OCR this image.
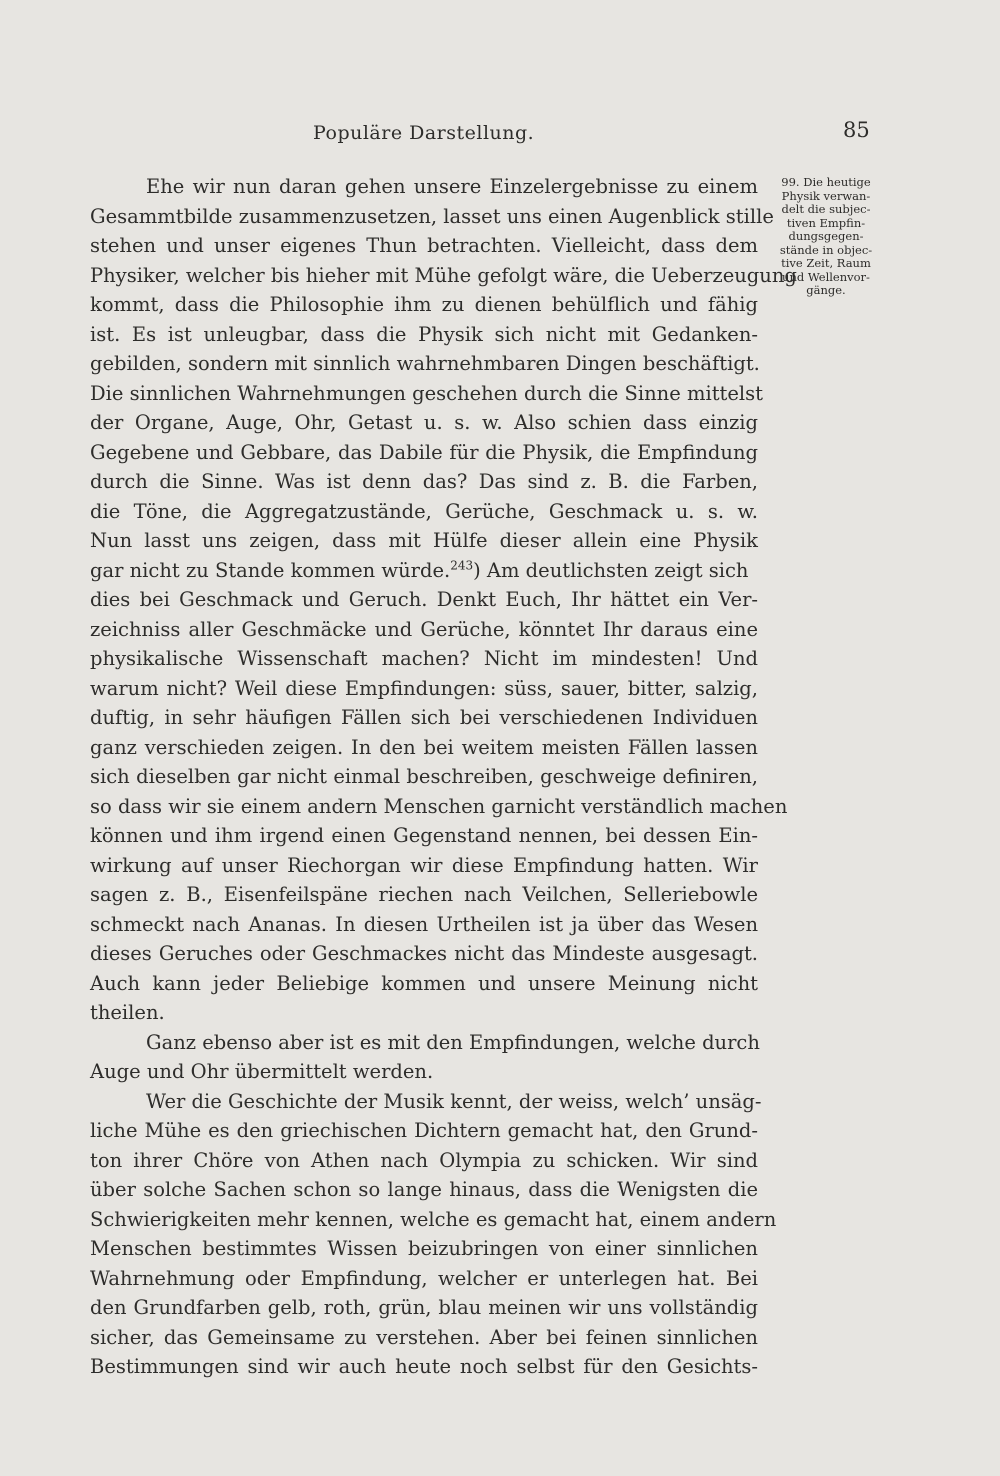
Populäre Darstellung.	85
Ehe wir nun daran gehen unsere Einzelergebnisse zu einem
Gesammtbilde zusammenzusetzen, lasset uns einen Augenblick stille
stehen und unser eigenes Thun betrachten. Vielleicht, dass dem
Physiker, welcher bis hieher mit Mühe gefolgt wäre, die Ueberzeugung
kommt, dass die Philosophie ihm zu dienen behülflich und fähig
ist. Es ist unleugbar, dass die Physik sich nicht mit Gedanken-
gebilden, sondern mit sinnlich wahrnehmbaren Dingen beschäftigt.
Die sinnlichen Wahrnehmungen geschehen durch die Sinne mittelst
der Organe, Auge, Ohr, Getast u. s. w. Also schien dass einzig
Gegebene und Gebbare, das Dabile für die Physik, die Empfindung
durch die Sinne. Was ist denn das? Das sind z. B. die Farben,
die Töne, die Aggregatzustände, Gerüche, Geschmack u. s. w.
Nun lasst uns zeigen, dass mit Hülfe dieser allein eine Physik
gar nicht zu Stande kommen würde.$^{243}$) Am deutlichsten zeigt sich
dies bei Geschmack und Geruch. Denkt Euch, Ihr hättet ein Ver-
zeichniss aller Geschmäcke und Gerüche, könntet Ihr daraus eine
physikalische Wissenschaft machen? Nicht im mindesten! Und
warum nicht? Weil diese Empfindungen: süss, sauer, bitter, salzig,
duftig, in sehr häufigen Fällen sich bei verschiedenen Individuen
ganz verschieden zeigen. In den bei weitem meisten Fällen lassen
sich dieselben gar nicht einmal beschreiben, geschweige definiren,
so dass wir sie einem andern Menschen garnicht verständlich machen
können und ihm irgend einen Gegenstand nennen, bei dessen Ein-
wirkung auf unser Riechorgan wir diese Empfindung hatten. Wir
sagen z. B., Eisenfeilspäne riechen nach Veilchen, Selleriebowle
schmeckt nach Ananas. In diesen Urtheilen ist ja über das Wesen
dieses Geruches oder Geschmackes nicht das Mindeste ausgesagt.
Auch kann jeder Beliebige kommen und unsere Meinung nicht
theilen.
Ganz ebenso aber ist es mit den Empfindungen, welche durch
Auge und Ohr übermittelt werden.
Wer die Geschichte der Musik kennt, der weiss, welch’ unsäg-
liche Mühe es den griechischen Dichtern gemacht hat, den Grund-
ton ihrer Chöre von Athen nach Olympia zu schicken. Wir sind
über solche Sachen schon so lange hinaus, dass die Wenigsten die
Schwierigkeiten mehr kennen, welche es gemacht hat, einem andern
Menschen bestimmtes Wissen beizubringen von einer sinnlichen
Wahrnehmung oder Empfindung, welcher er unterlegen hat. Bei
den Grundfarben gelb, roth, grün, blau meinen wir uns vollständig
sicher, das Gemeinsame zu verstehen. Aber bei feinen sinnlichen
Bestimmungen sind wir auch heute noch selbst für den Gesichts-
99. Die heutige
Physik verwan-
delt die subjec-
tiven Empfin-
dungsgegen-
stände in objec-
tive Zeit, Raum
und Wellenvor-
gänge.
